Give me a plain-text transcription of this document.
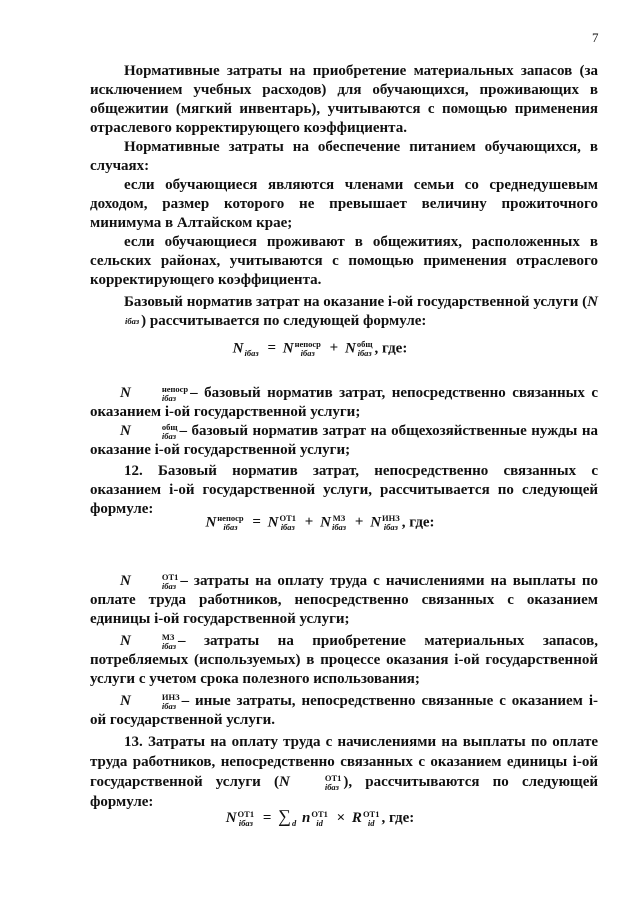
7

Нормативные затраты на приобретение материальных запасов (за исключением учебных расходов) для обучающихся, проживающих в общежитии (мягкий инвентарь), учитываются с помощью применения отраслевого корректирующего коэффициента.

Нормативные затраты на обеспечение питанием обучающихся, в случаях:

если обучающиеся являются членами семьи со среднедушевым доходом, размер которого не превышает величину прожиточного минимума в Алтайском крае;

если обучающиеся проживают в общежитиях, расположенных в сельских районах, учитываются с помощью применения отраслевого корректирующего коэффициента.

Базовый норматив затрат на оказание i-ой государственной услуги (N
iбаз ) рассчитывается по следующей формуле:

N
iбаз = N непоср
iбаз + N общ
iбаз , где:

N	непоср
iбаз – базовый норматив затрат, непосредственно связанных с оказанием i-ой государственной услуги;

N	общ
iбаз – базовый норматив затрат на общехозяйственные нужды на оказание i-ой государственной услуги;

12. Базовый норматив затрат, непосредственно связанных с оказанием i-ой государственной услуги, рассчитывается по следующей формуле:

N непоср
iбаз = N ОТ1
iбаз + N МЗ
iбаз + N ИНЗ
iбаз , где:

N	ОТ1
iбаз – затраты на оплату труда с начислениями на выплаты по оплате труда работников, непосредственно связанных с оказанием единицы i-ой государственной услуги;

N	МЗ
iбаз – затраты на приобретение материальных запасов, потребляемых (используемых) в процессе оказания i-ой государственной услуги с учетом срока полезного использования;

N	ИНЗ
iбаз – иные затраты, непосредственно связанные с оказанием i-ой государственной услуги.

13. Затраты на оплату труда с начислениями на выплаты по оплате труда работников, непосредственно связанных с оказанием единицы i-ой государственной услуги (N	ОТ1
iбаз ), рассчитываются по следующей формуле:

N ОТ1
iбаз = ∑
d n ОТ1
id × R ОТ1
id , где:
